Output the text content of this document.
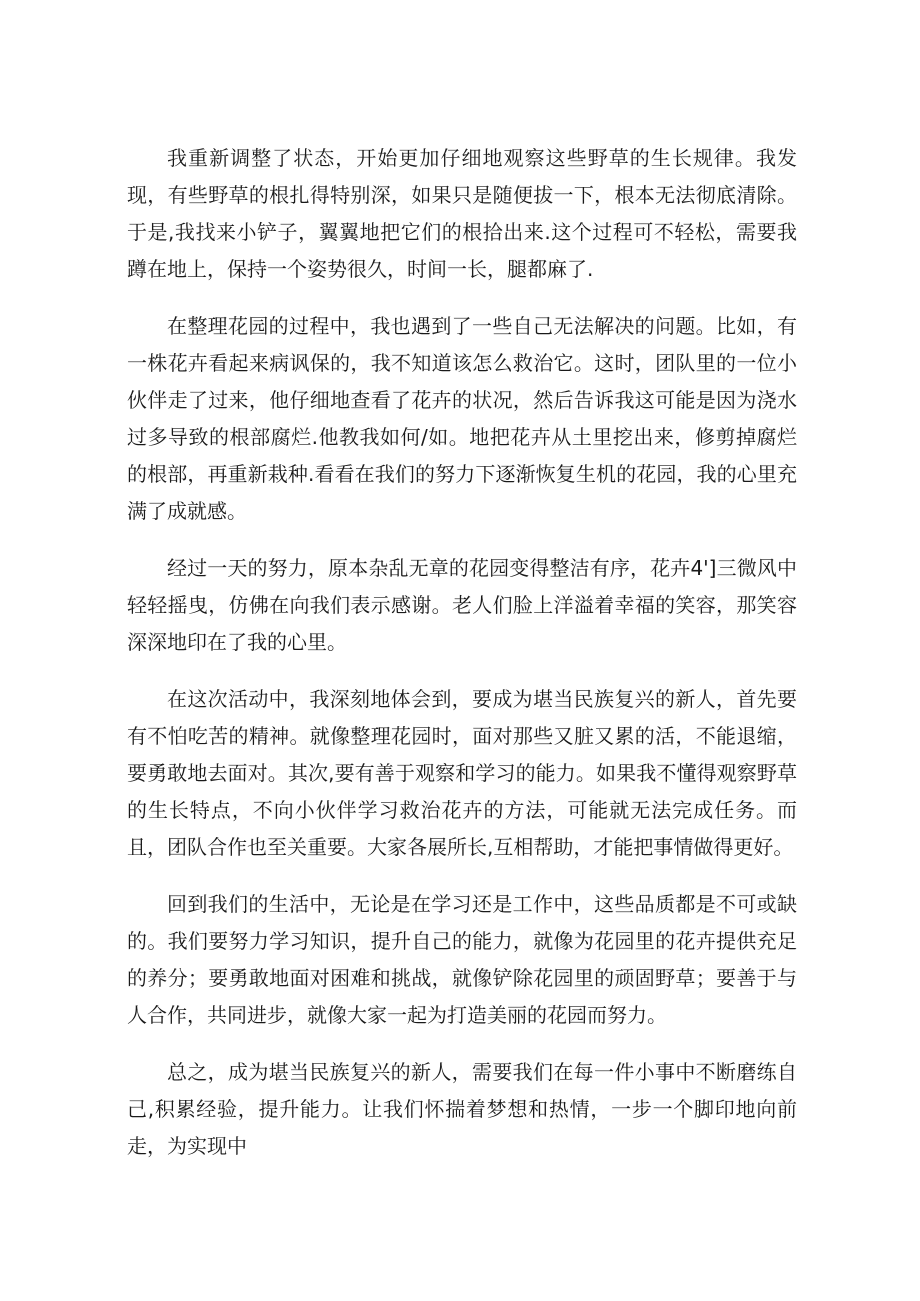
我重新调整了状态，开始更加仔细地观察这些野草的生长规律。我发现，有些野草的根扎得特别深，如果只是随便拔一下，根本无法彻底清除。于是,我找来小铲子，翼翼地把它们的根拾出来.这个过程可不轻松，需要我蹲在地上，保持一个姿势很久，时间一长，腿都麻了.

在整理花园的过程中，我也遇到了一些自己无法解决的问题。比如，有一株花卉看起来病讽保的，我不知道该怎么救治它。这时，团队里的一位小伙伴走了过来，他仔细地查看了花卉的状况，然后告诉我这可能是因为浇水过多导致的根部腐烂.他教我如何/如。地把花卉从土里挖出来，修剪掉腐烂的根部，再重新栽种.看看在我们的努力下逐渐恢复生机的花园，我的心里充满了成就感。

经过一天的努力，原本杂乱无章的花园变得整洁有序，花卉4']三微风中轻轻摇曳，仿佛在向我们表示感谢。老人们脸上洋溢着幸福的笑容，那笑容深深地印在了我的心里。

在这次活动中，我深刻地体会到，要成为堪当民族复兴的新人，首先要有不怕吃苦的精神。就像整理花园时，面对那些又脏又累的活，不能退缩，要勇敢地去面对。其次,要有善于观察和学习的能力。如果我不懂得观察野草的生长特点，不向小伙伴学习救治花卉的方法，可能就无法完成任务。而且，团队合作也至关重要。大家各展所长,互相帮助，才能把事情做得更好。

回到我们的生活中，无论是在学习还是工作中，这些品质都是不可或缺的。我们要努力学习知识，提升自己的能力，就像为花园里的花卉提供充足的养分；要勇敢地面对困难和挑战，就像铲除花园里的顽固野草；要善于与人合作，共同进步，就像大家一起为打造美丽的花园而努力。

总之，成为堪当民族复兴的新人，需要我们在每一件小事中不断磨练自己,积累经验，提升能力。让我们怀揣着梦想和热情，一步一个脚印地向前走，为实现中
